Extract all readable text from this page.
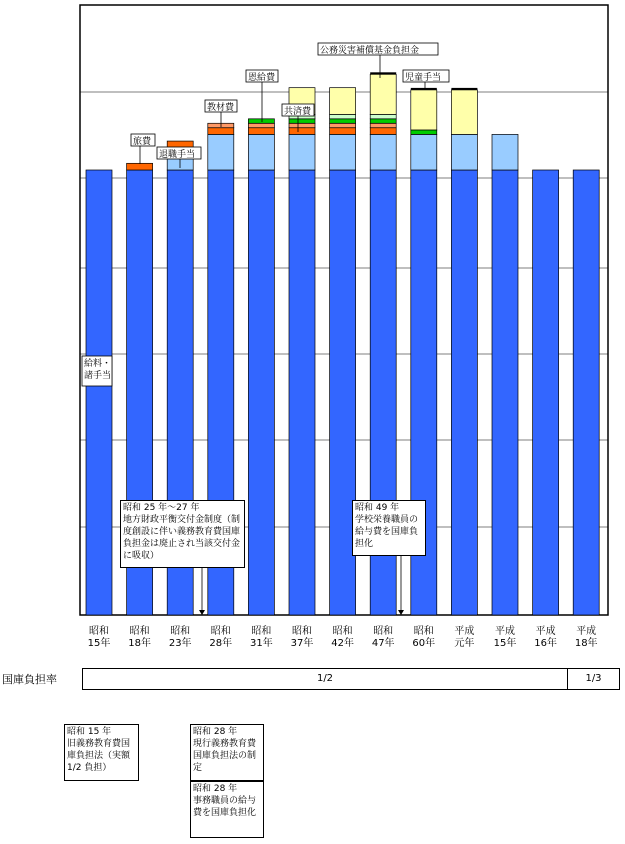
昭和
15年
昭和
18年
昭和
23年
昭和
28年
昭和
31年
昭和
37年
昭和
42年
昭和
47年
昭和
60年
平成
元年
平成
15年
平成
16年
平成
18年
給料・
諸手当
旅費
退職手当
教材費
恩給費
共済費
公務災害補償基金負担金
児童手当
昭和 25 年～27 年
地方財政平衡交付金制度（制度創設に伴い義務教育費国庫負担金は廃止され当該交付金に吸収）
昭和 49 年
学校栄養職員の給与費を国庫負担化
国庫負担率	1/2	1/3
昭和 15 年
旧義務教育費国庫負担法（実額 1/2 負担）
昭和 28 年
現行義務教育費国庫負担法の制定
昭和 28 年
事務職員の給与費を国庫負担化
